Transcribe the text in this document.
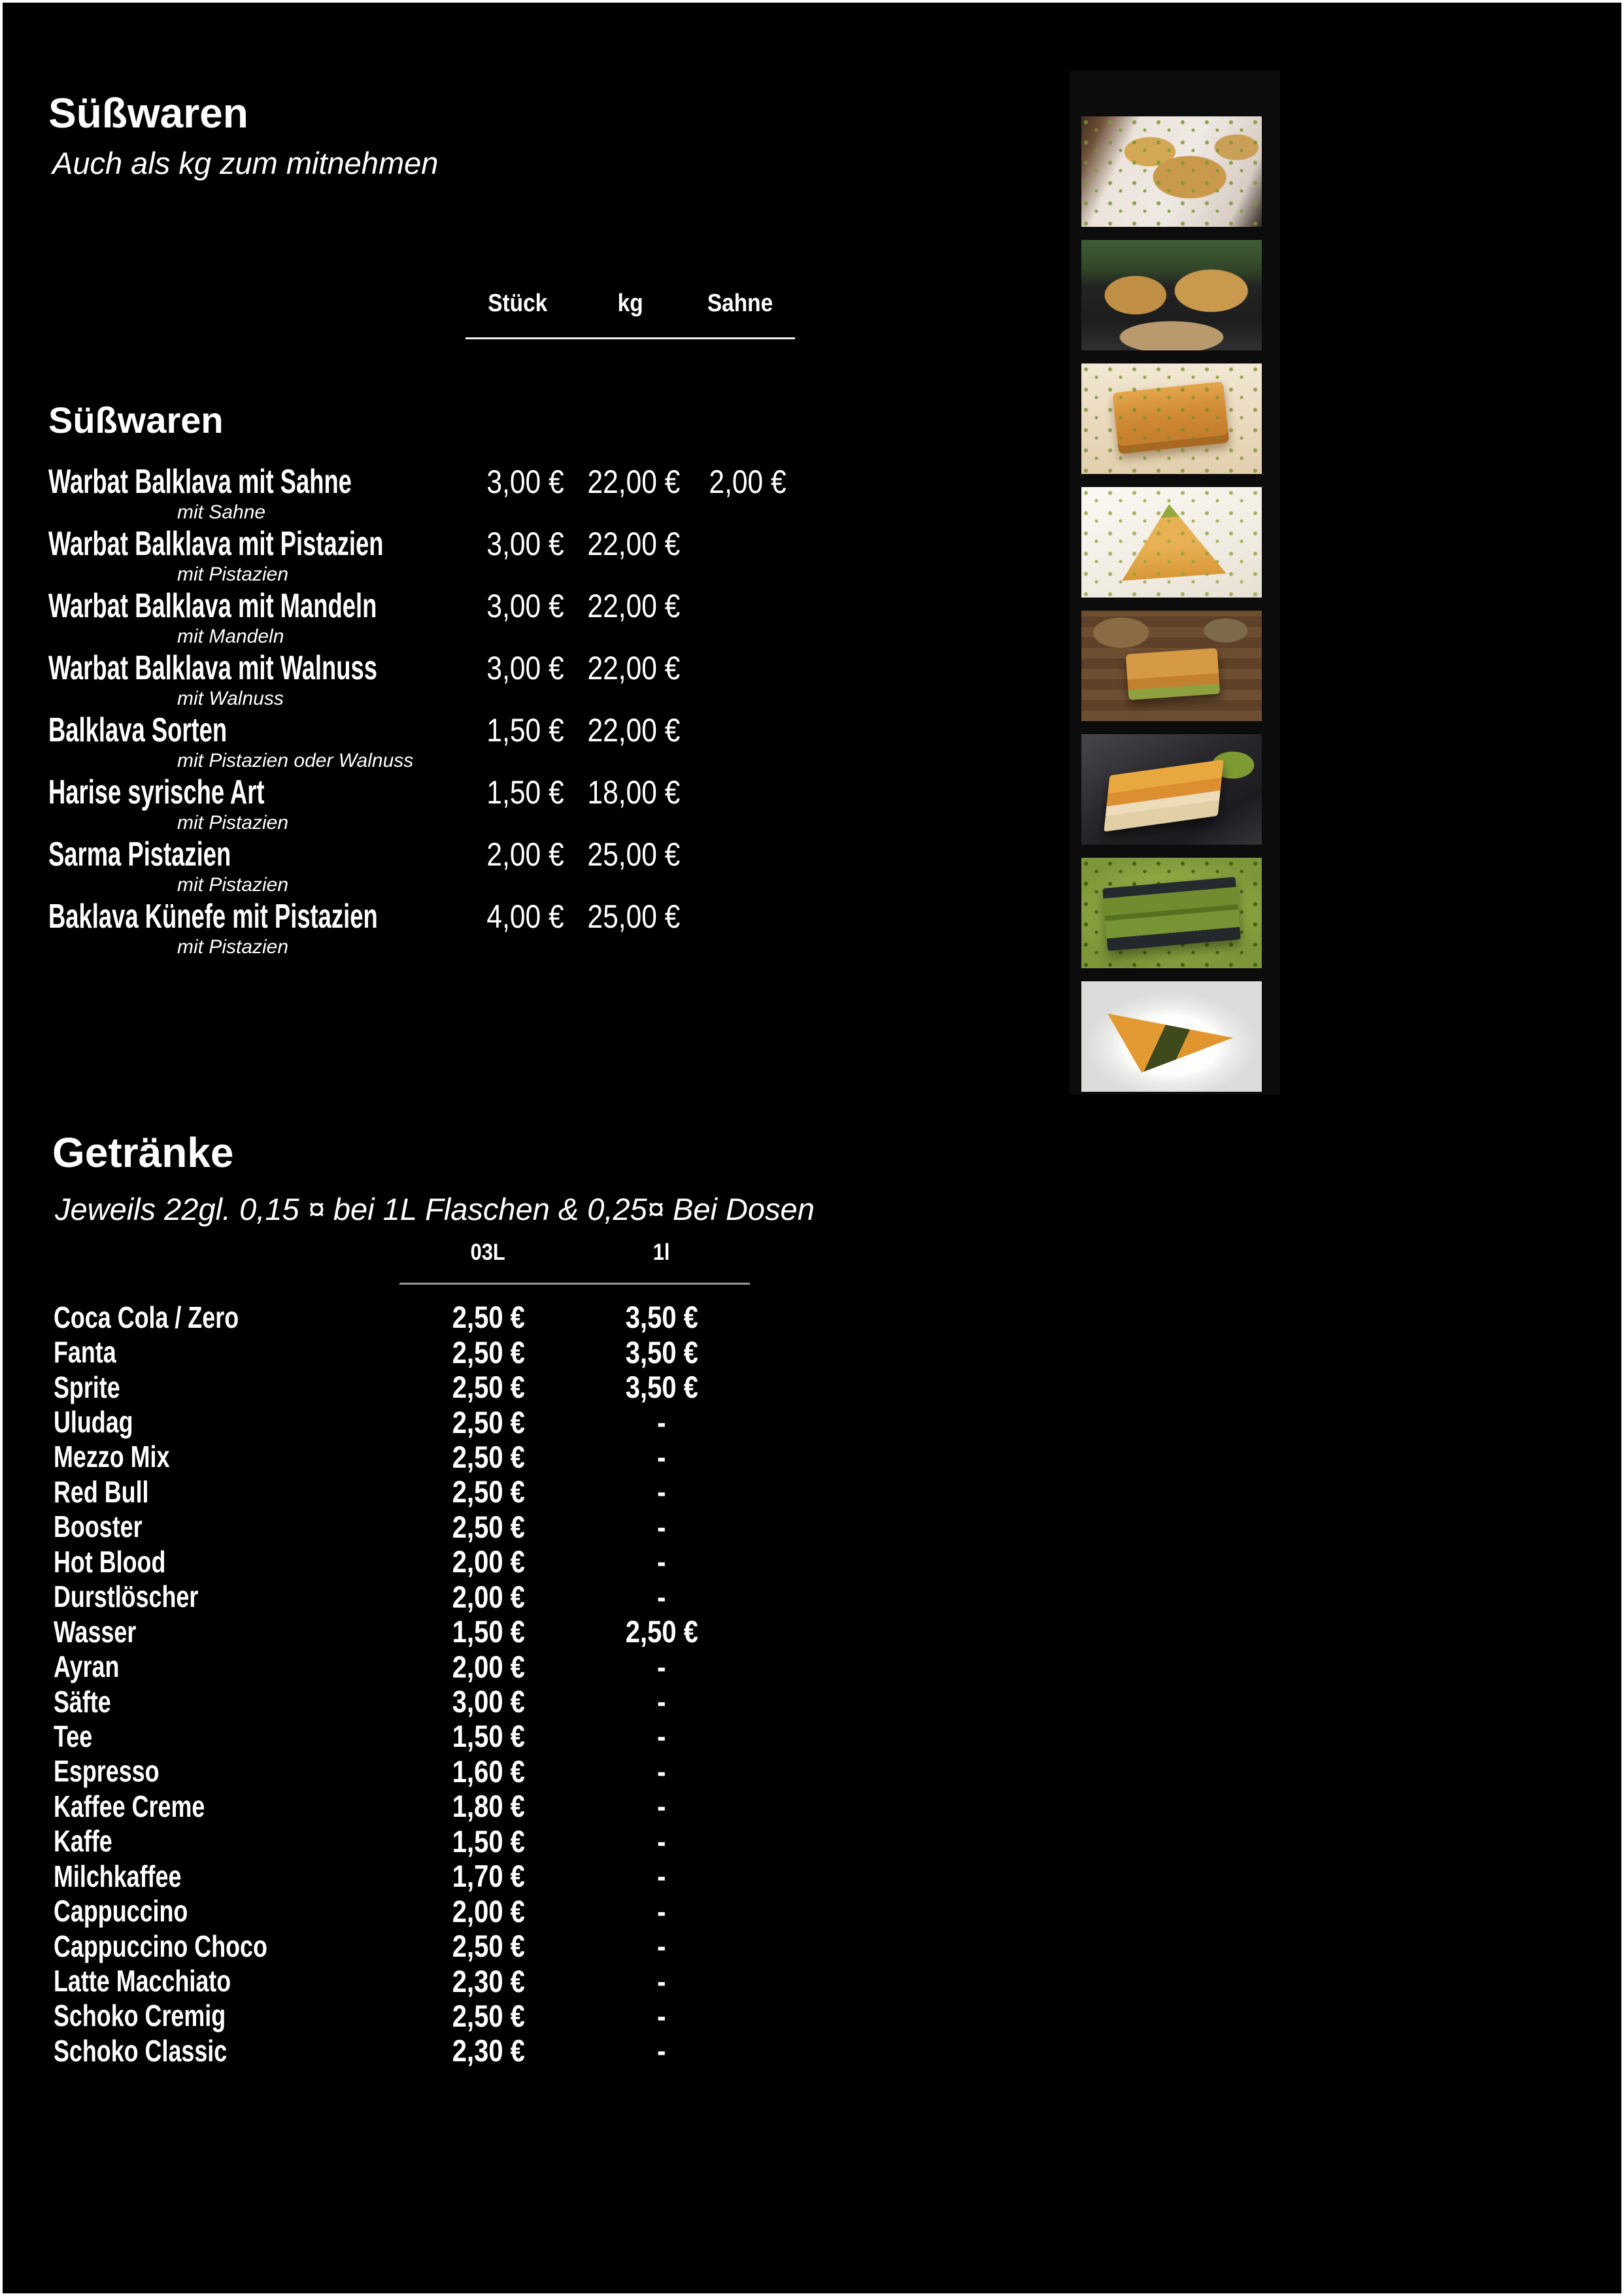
Süßwaren
Auch als kg zum mitnehmen
Stück	kg	Sahne
Süßwaren
Warbat Balklava mit Sahne	3,00 € 22,00 € 2,00 €
mit Sahne
Warbat Balklava mit Pistazien	3,00 € 22,00 €
mit Pistazien
Warbat Balklava mit Mandeln	3,00 € 22,00 €
mit Mandeln
Warbat Balklava mit Walnuss	3,00 € 22,00 €
mit Walnuss
Balklava Sorten	1,50 € 22,00 €
mit Pistazien oder Walnuss
Harise syrische Art	1,50 € 18,00 €
mit Pistazien
Sarma Pistazien	2,00 € 25,00 €
mit Pistazien
Baklava Künefe mit Pistazien	4,00 € 25,00 €
mit Pistazien
Getränke
Jeweils 22gl. 0,15 ¤ bei 1L Flaschen & 0,25¤ Bei Dosen
03L	1l
Coca Cola / Zero	2,50 €	3,50 €
Fanta	2,50 €	3,50 €
Sprite	2,50 €	3,50 €
Uludag	2,50 €	-
Mezzo Mix	2,50 €	-
Red Bull	2,50 €	-
Booster	2,50 €	-
Hot Blood	2,00 €	-
Durstlöscher	2,00 €	-
Wasser	1,50 €	2,50 €
Ayran	2,00 €	-
Säfte	3,00 €	-
Tee	1,50 €	-
Espresso	1,60 €	-
Kaffee Creme	1,80 €	-
Kaffe	1,50 €	-
Milchkaffee	1,70 €	-
Cappuccino	2,00 €	-
Cappuccino Choco	2,50 €	-
Latte Macchiato	2,30 €	-
Schoko Cremig	2,50 €	-
Schoko Classic	2,30 €	-
